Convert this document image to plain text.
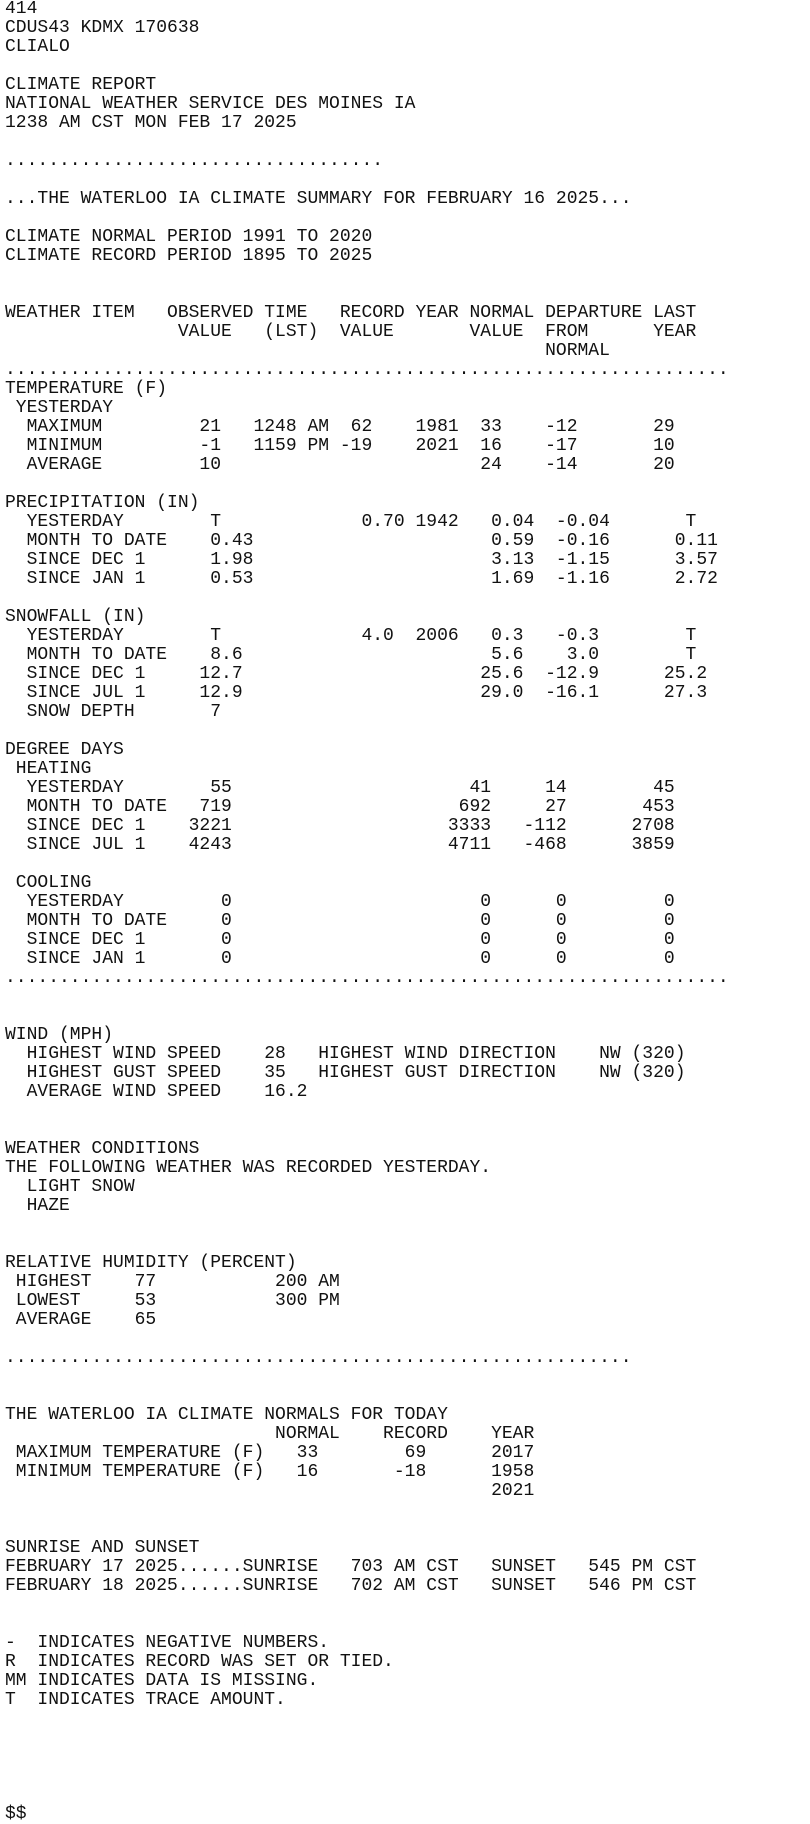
414
CDUS43 KDMX 170638
CLIALO
CLIMATE REPORT
NATIONAL WEATHER SERVICE DES MOINES IA
1238 AM CST MON FEB 17 2025
...................................
...THE WATERLOO IA CLIMATE SUMMARY FOR FEBRUARY 16 2025...
CLIMATE NORMAL PERIOD 1991 TO 2020
CLIMATE RECORD PERIOD 1895 TO 2025
WEATHER ITEM   OBSERVED TIME   RECORD YEAR NORMAL DEPARTURE LAST
VALUE   (LST)  VALUE       VALUE  FROM      YEAR
NORMAL
...................................................................
TEMPERATURE (F)
YESTERDAY
MAXIMUM         21   1248 AM  62    1981  33    -12       29
MINIMUM         -1   1159 PM -19    2021  16    -17       10
AVERAGE         10                        24    -14       20
PRECIPITATION (IN)
YESTERDAY        T             0.70 1942   0.04  -0.04       T
MONTH TO DATE    0.43                      0.59  -0.16      0.11
SINCE DEC 1      1.98                      3.13  -1.15      3.57
SINCE JAN 1      0.53                      1.69  -1.16      2.72
SNOWFALL (IN)
YESTERDAY        T             4.0  2006   0.3   -0.3        T
MONTH TO DATE    8.6                       5.6    3.0        T
SINCE DEC 1     12.7                      25.6  -12.9      25.2
SINCE JUL 1     12.9                      29.0  -16.1      27.3
SNOW DEPTH       7
DEGREE DAYS
HEATING
YESTERDAY        55                      41     14        45
MONTH TO DATE   719                     692     27       453
SINCE DEC 1    3221                    3333   -112      2708
SINCE JUL 1    4243                    4711   -468      3859
COOLING
YESTERDAY         0                       0      0         0
MONTH TO DATE     0                       0      0         0
SINCE DEC 1       0                       0      0         0
SINCE JAN 1       0                       0      0         0
...................................................................
WIND (MPH)
HIGHEST WIND SPEED    28   HIGHEST WIND DIRECTION    NW (320)
HIGHEST GUST SPEED    35   HIGHEST GUST DIRECTION    NW (320)
AVERAGE WIND SPEED    16.2
WEATHER CONDITIONS
THE FOLLOWING WEATHER WAS RECORDED YESTERDAY.
LIGHT SNOW
HAZE
RELATIVE HUMIDITY (PERCENT)
HIGHEST    77           200 AM
LOWEST     53           300 PM
AVERAGE    65
..........................................................
THE WATERLOO IA CLIMATE NORMALS FOR TODAY
NORMAL    RECORD    YEAR
MAXIMUM TEMPERATURE (F)   33        69      2017
MINIMUM TEMPERATURE (F)   16       -18      1958
2021
SUNRISE AND SUNSET
FEBRUARY 17 2025......SUNRISE   703 AM CST   SUNSET   545 PM CST
FEBRUARY 18 2025......SUNRISE   702 AM CST   SUNSET   546 PM CST
-  INDICATES NEGATIVE NUMBERS.
R  INDICATES RECORD WAS SET OR TIED.
MM INDICATES DATA IS MISSING.
T  INDICATES TRACE AMOUNT.
$$
